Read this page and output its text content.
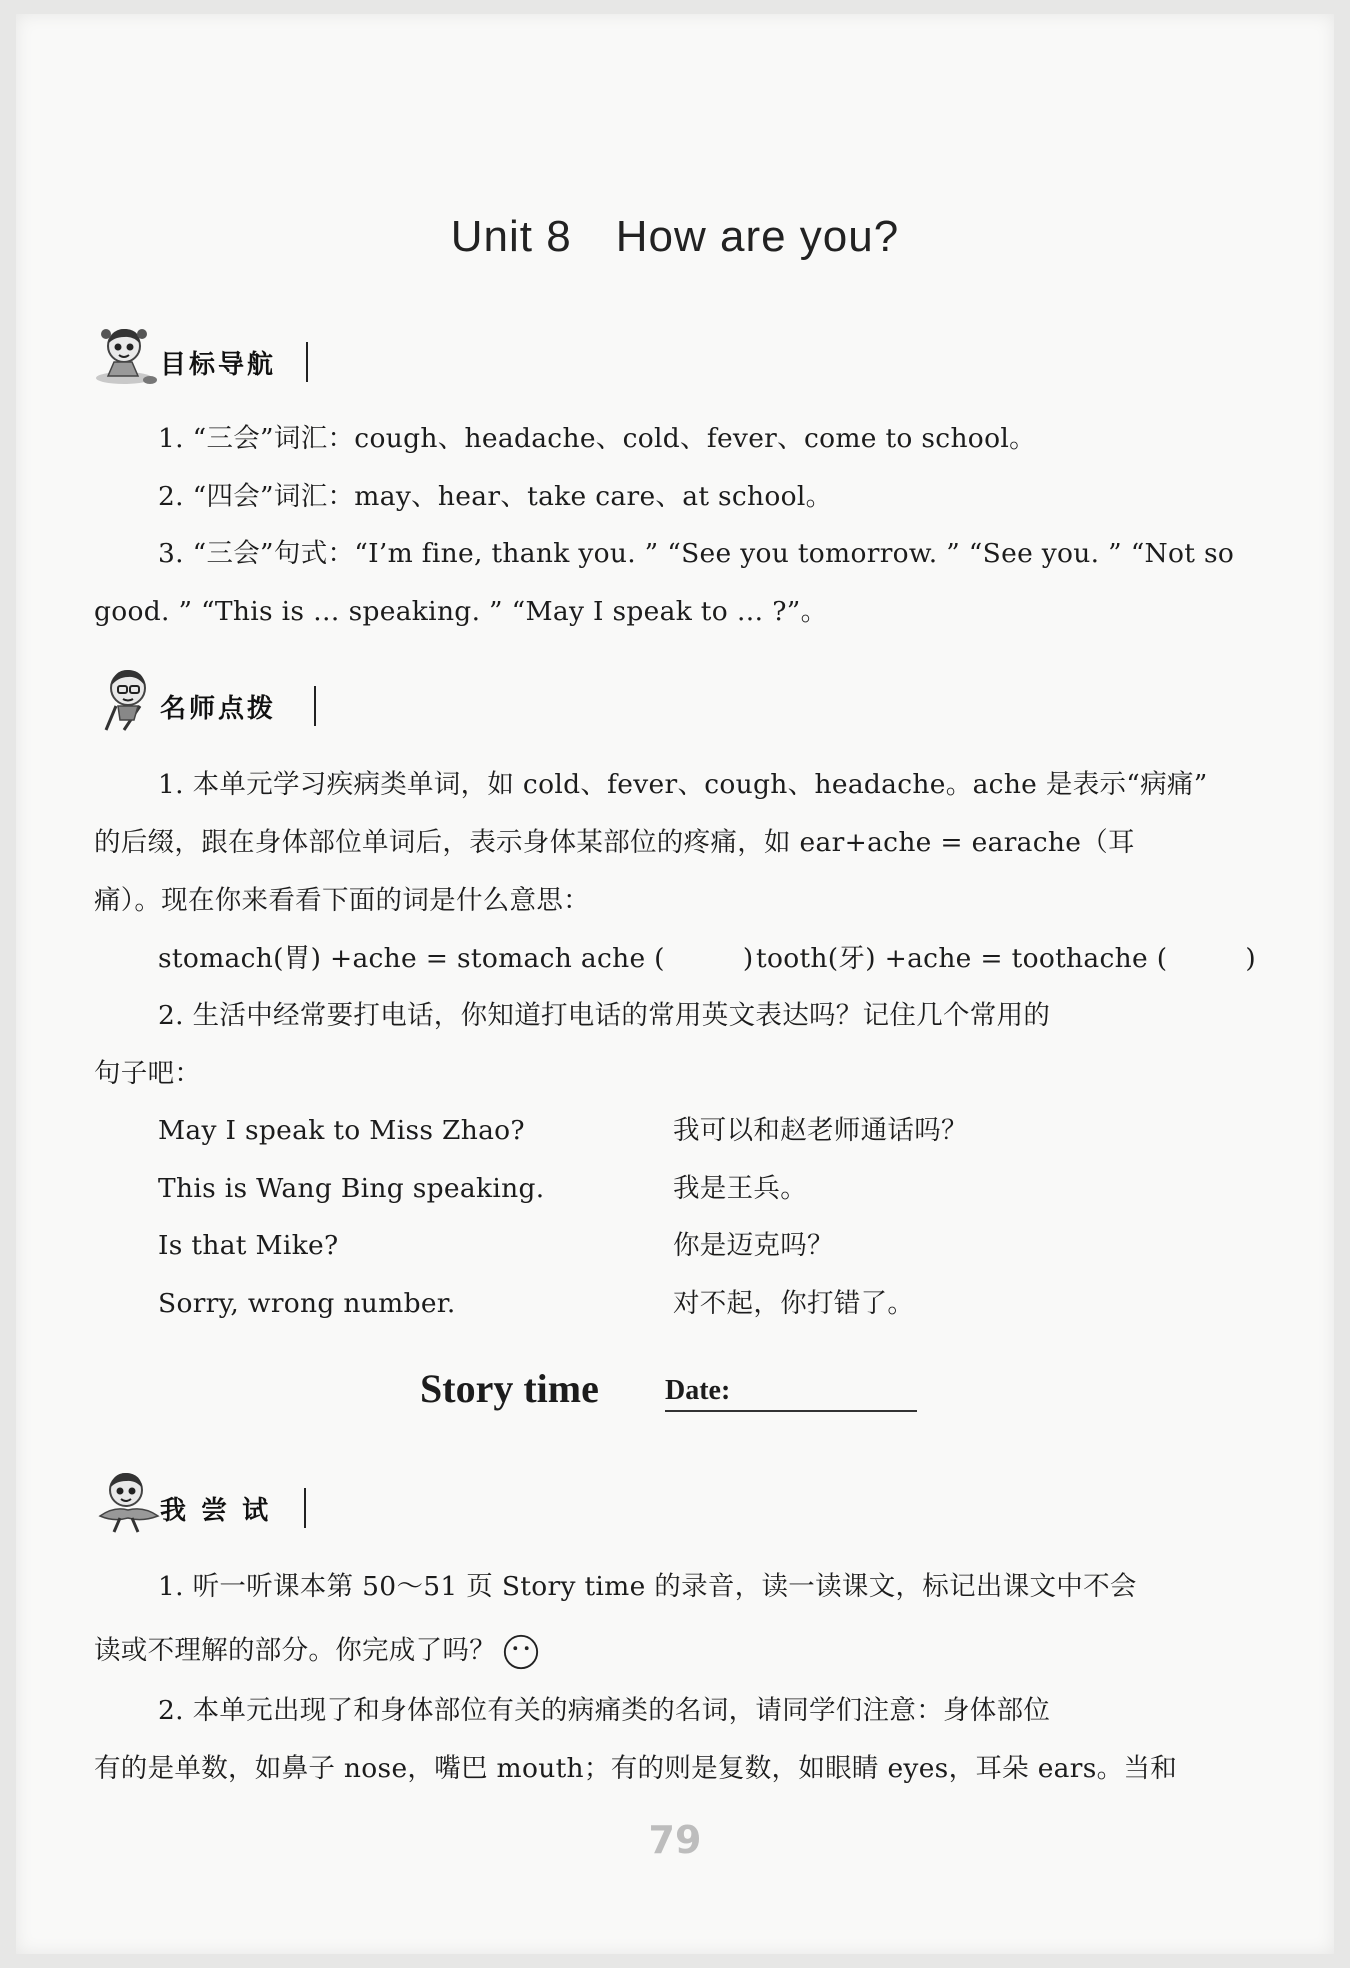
Unit 8 How are you?
目标导航
1. “三会”词汇：cough、headache、cold、fever、come to school。
2. “四会”词汇：may、hear、take care、at school。
3. “三会”句式：“I’m fine, thank you. ” “See you tomorrow. ” “See you. ” “Not so
good. ” “This is … speaking. ” “May I speak to … ?”。
名师点拨
1. 本单元学习疾病类单词，如 cold、fever、cough、headache。ache 是表示“病痛”
的后缀，跟在身体部位单词后，表示身体某部位的疼痛，如 ear+ache = earache（耳
痛）。现在你来看看下面的词是什么意思：
stomach(胃) +ache = stomach ache (	) tooth(牙) +ache = toothache (	)
2. 生活中经常要打电话，你知道打电话的常用英文表达吗？记住几个常用的
句子吧：
May I speak to Miss Zhao?	我可以和赵老师通话吗？
This is Wang Bing speaking.	我是王兵。
Is that Mike?	你是迈克吗？
Sorry, wrong number.	对不起，你打错了。
Story time Date:
我 尝 试
1. 听一听课本第 50～51 页 Story time 的录音，读一读课文，标记出课文中不会
读或不理解的部分。你完成了吗？
2. 本单元出现了和身体部位有关的病痛类的名词，请同学们注意：身体部位
有的是单数，如鼻子 nose，嘴巴 mouth；有的则是复数，如眼睛 eyes，耳朵 ears。当和
79
